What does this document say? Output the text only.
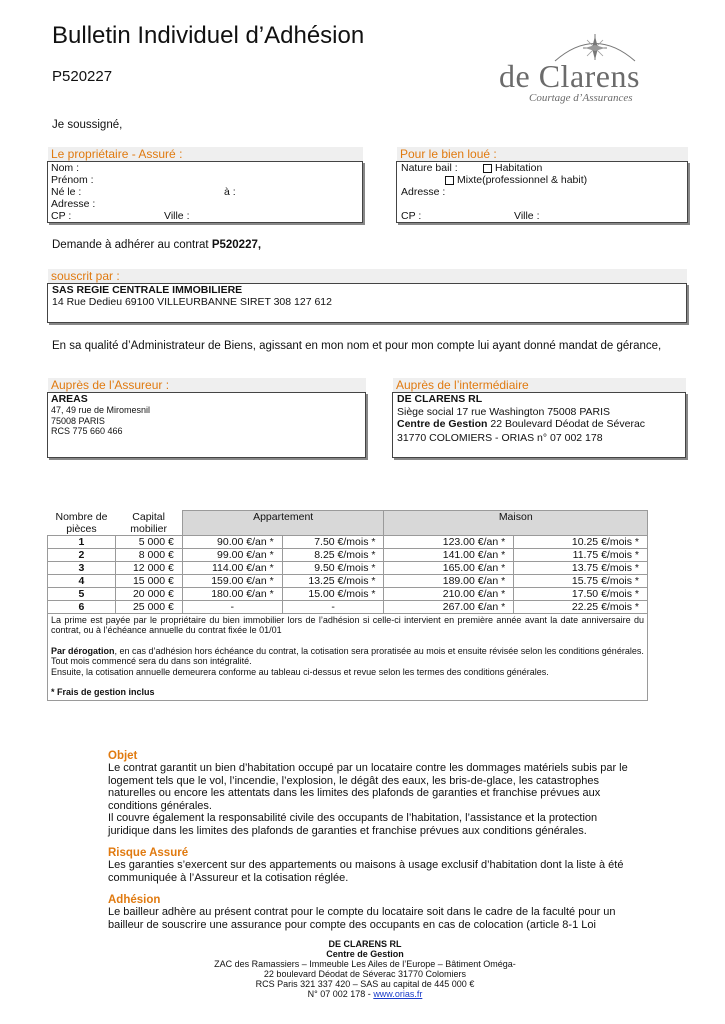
Bulletin Individuel d’Adhésion
P520227	de Clarens
Courtage d’Assurances
Je soussigné,
Le propriétaire - Assuré :
Nom :
Prénom :
Né le :	à :
Adresse :
CP :	Ville :
Pour le bien loué :
Nature bail :	Habitation
Mixte(professionnel & habit)
Adresse :
CP :	Ville :
Demande à adhérer au contrat P520227,
souscrit par :
SAS REGIE CENTRALE IMMOBILIERE
14 Rue Dedieu 69100 VILLEURBANNE SIRET 308 127 612
En sa qualité d’Administrateur de Biens, agissant en mon nom et pour mon compte lui ayant donné mandat de gérance,
Auprès de l’Assureur :
AREAS
47, 49 rue de Miromesnil
75008 PARIS
RCS 775 660 466
Auprès de l’intermédiaire
DE CLARENS RL
Siège social 17 rue Washington 75008 PARIS
Centre de Gestion 22 Boulevard Déodat de Séverac
31770 COLOMIERS - ORIAS n° 07 002 178
Nombre de pièces	Capital mobilier	Appartement		Maison	
1	5 000 €	90.00 €/an *	7.50 €/mois *	123.00 €/an *	10.25 €/mois *
2	8 000 €	99.00 €/an *	8.25 €/mois *	141.00 €/an *	11.75 €/mois *
3	12 000 €	114.00 €/an *	9.50 €/mois *	165.00 €/an *	13.75 €/mois *
4	15 000 €	159.00 €/an *	13.25 €/mois *	189.00 €/an *	15.75 €/mois *
5	20 000 €	180.00 €/an *	15.00 €/mois *	210.00 €/an *	17.50 €/mois *
6	25 000 €	-	-	267.00 €/an *	22.25 €/mois *
La prime est payée par le propriétaire du bien immobilier lors de l’adhésion si celle-ci intervient en première année avant la date anniversaire du contrat, ou à l’échéance annuelle du contrat fixée le 01/01
Par dérogation, en cas d’adhésion hors échéance du contrat, la cotisation sera proratisée au mois et ensuite révisée selon les conditions générales.
Tout mois commencé sera du dans son intégralité.
Ensuite, la cotisation annuelle demeurera conforme au tableau ci-dessus et revue selon les termes des conditions générales.
* Frais de gestion inclus
Objet
Le contrat garantit un bien d’habitation occupé par un locataire contre les dommages matériels subis par le logement tels que le vol, l’incendie, l’explosion, le dégât des eaux, les bris-de-glace, les catastrophes naturelles ou encore les attentats dans les limites des plafonds de garanties et franchise prévues aux conditions générales.
Il couvre également la responsabilité civile des occupants de l’habitation, l’assistance et la protection juridique dans les limites des plafonds de garanties et franchise prévues aux conditions générales.
Risque Assuré
Les garanties s’exercent sur des appartements ou maisons à usage exclusif d’habitation dont la liste à été communiquée à l’Assureur et la cotisation réglée.
Adhésion
Le bailleur adhère au présent contrat pour le compte du locataire soit dans le cadre de la faculté pour un bailleur de souscrire une assurance pour compte des occupants en cas de colocation (article 8-1 Loi
DE CLARENS RL
Centre de Gestion
ZAC des Ramassiers – Immeuble Les Ailes de l’Europe – Bâtiment Oméga-
22 boulevard Déodat de Séverac 31770 Colomiers
RCS Paris 321 337 420 – SAS au capital de 445 000 €
N° 07 002 178 - www.orias.fr
